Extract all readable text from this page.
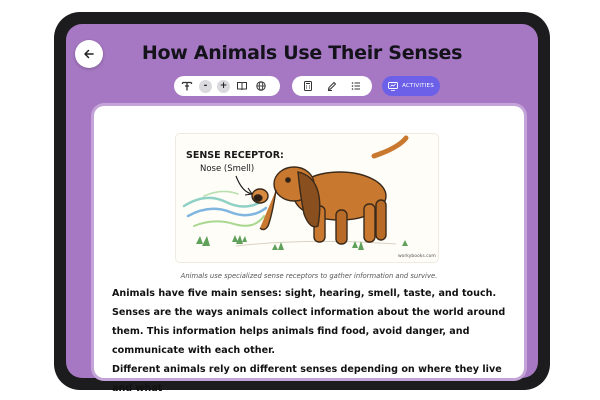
How Animals Use Their Senses
-	+	ACTIVITIES
SENSE RECEPTOR:
Nose (Smell)
workybooks.com
Animals use specialized sense receptors to gather information and survive.

Animals have five main senses: sight, hearing, smell, taste, and touch. Senses are the ways animals collect information about the world around them. This information helps animals find food, avoid danger, and communicate with each other.

Different animals rely on different senses depending on where they live and what
